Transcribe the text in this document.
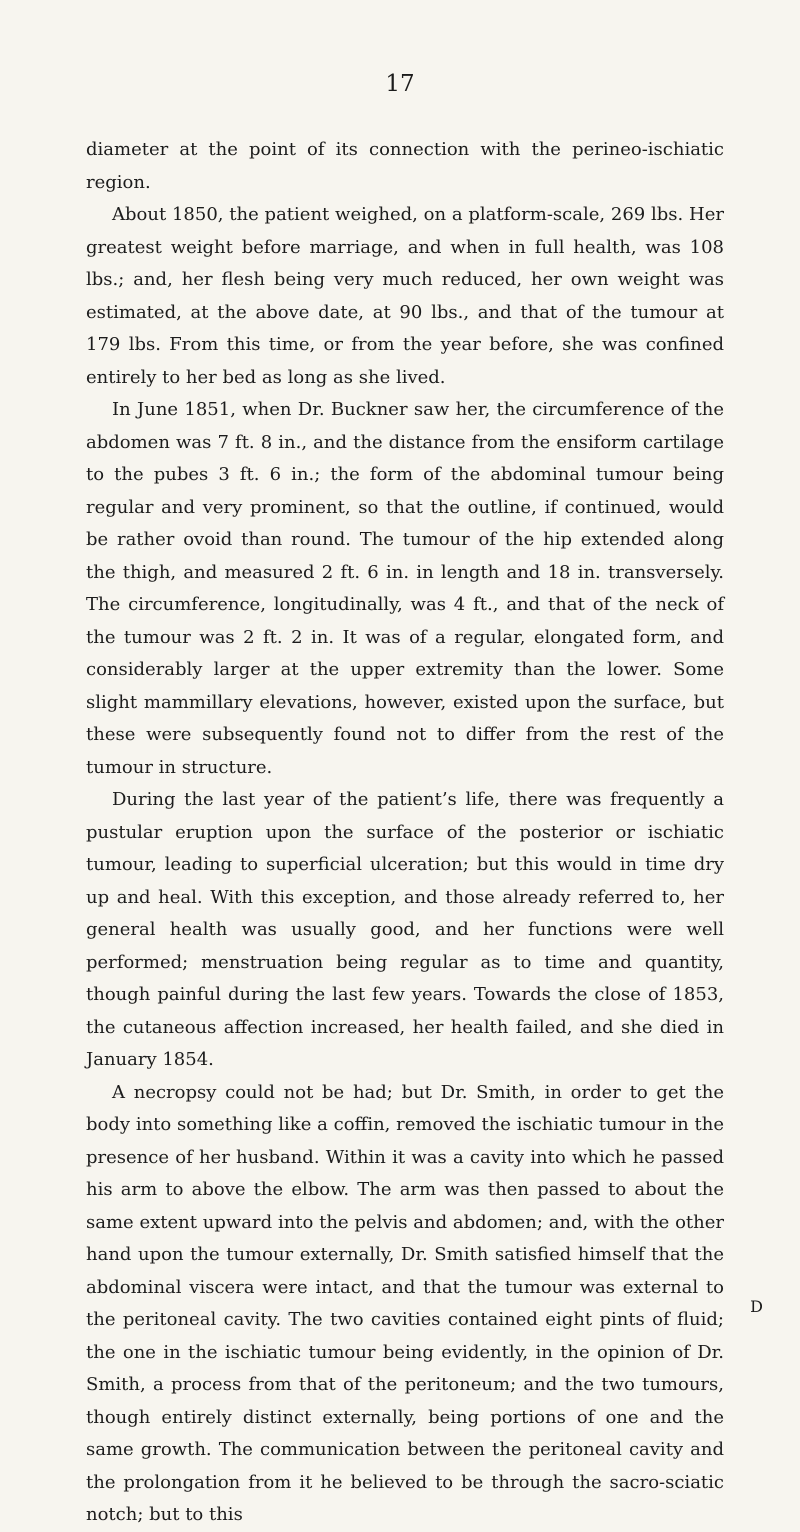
17

diameter at the point of its connection with the perineo-ischiatic region.

About 1850, the patient weighed, on a platform-scale, 269 lbs. Her greatest weight before marriage, and when in full health, was 108 lbs.; and, her flesh being very much reduced, her own weight was estimated, at the above date, at 90 lbs., and that of the tumour at 179 lbs. From this time, or from the year before, she was confined entirely to her bed as long as she lived.

In June 1851, when Dr. Buckner saw her, the circumference of the abdomen was 7 ft. 8 in., and the distance from the ensiform cartilage to the pubes 3 ft. 6 in.; the form of the abdominal tumour being regular and very prominent, so that the outline, if continued, would be rather ovoid than round. The tumour of the hip extended along the thigh, and measured 2 ft. 6 in. in length and 18 in. transversely. The circumference, longitudinally, was 4 ft., and that of the neck of the tumour was 2 ft. 2 in. It was of a regular, elongated form, and considerably larger at the upper extremity than the lower. Some slight mammillary elevations, however, existed upon the surface, but these were subsequently found not to differ from the rest of the tumour in structure.

During the last year of the patient’s life, there was frequently a pustular eruption upon the surface of the posterior or ischiatic tumour, leading to superficial ulceration; but this would in time dry up and heal. With this exception, and those already referred to, her general health was usually good, and her functions were well performed; menstruation being regular as to time and quantity, though painful during the last few years. Towards the close of 1853, the cutaneous affection increased, her health failed, and she died in January 1854.

A necropsy could not be had; but Dr. Smith, in order to get the body into something like a coffin, removed the ischiatic tumour in the presence of her husband. Within it was a cavity into which he passed his arm to above the elbow. The arm was then passed to about the same extent upward into the pelvis and abdomen; and, with the other hand upon the tumour externally, Dr. Smith satisfied himself that the abdominal viscera were intact, and that the tumour was external to the peritoneal cavity. The two cavities contained eight pints of fluid; the one in the ischiatic tumour being evidently, in the opinion of Dr. Smith, a process from that of the peritoneum; and the two tumours, though entirely distinct externally, being portions of one and the same growth. The communication between the peritoneal cavity and the prolongation from it he believed to be through the sacro-sciatic notch; but to this

D
